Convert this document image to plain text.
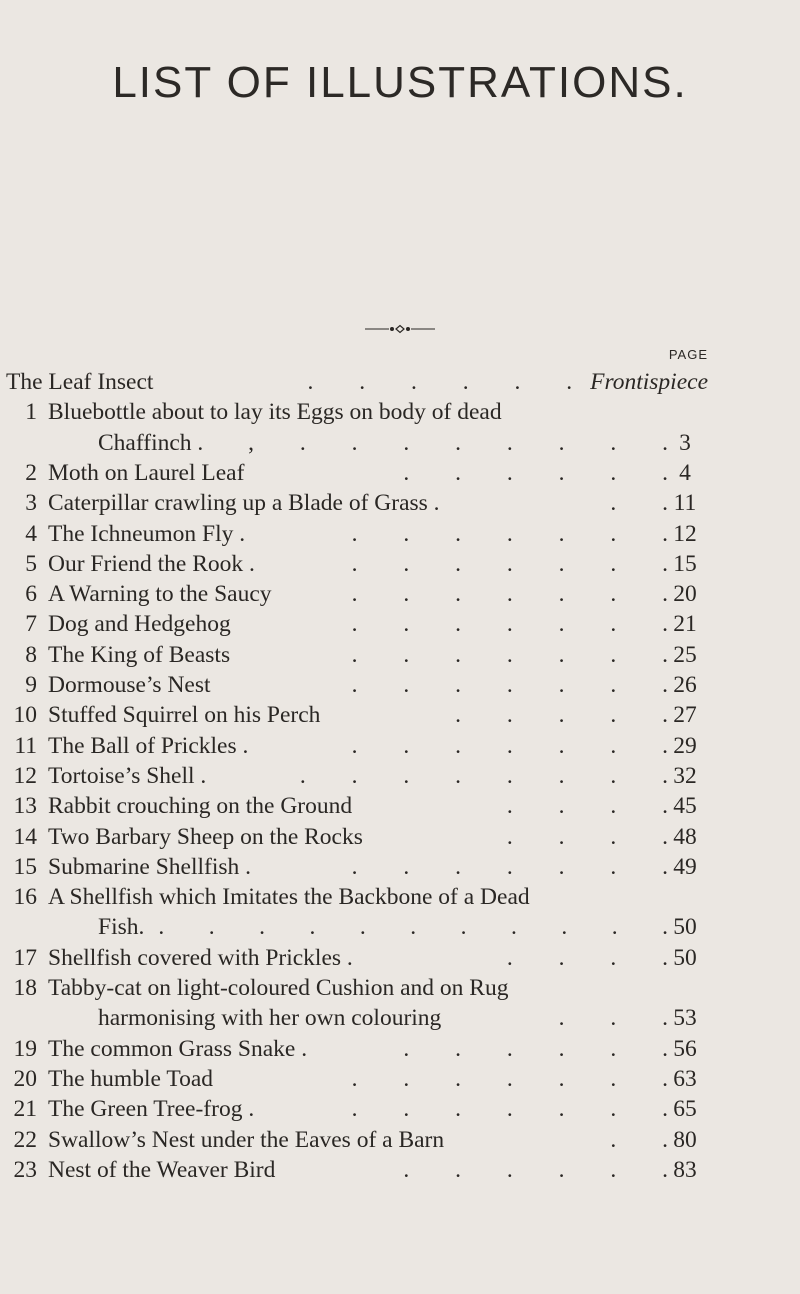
LIST OF ILLUSTRATIONS.
PAGE
The Leaf Insect	Frontispiece
. . . . . .
1 Bluebottle about to lay its Eggs on body of dead
Chaffinch .	3
, . . . . . . . .
2 Moth on Laurel Leaf	4
. . . . . .
3 Caterpillar crawling up a Blade of Grass .	11
. .
4 The Ichneumon Fly .	12
. . . . . . .
5 Our Friend the Rook .	15
. . . . . . .
6 A Warning to the Saucy	20
. . . . . . .
7 Dog and Hedgehog	21
. . . . . . .
8 The King of Beasts	25
. . . . . . .
9 Dormouse’s Nest	26
. . . . . . .
10 Stuffed Squirrel on his Perch	27
. . . . .
11 The Ball of Prickles .	29
. . . . . . .
12 Tortoise’s Shell .	32
. . . . . . . .
13 Rabbit crouching on the Ground	45
. . . .
14 Two Barbary Sheep on the Rocks	48
. . . .
15 Submarine Shellfish .	49
. . . . . . .
16 A Shellfish which Imitates the Backbone of a Dead
Fish.	50
. . . . . . . . . . .
17 Shellfish covered with Prickles .	50
. . . .
18 Tabby-cat on light-coloured Cushion and on Rug
harmonising with her own colouring	53
. . .
19 The common Grass Snake .	56
. . . . . .
20 The humble Toad	63
. . . . . . .
21 The Green Tree-frog .	65
. . . . . . .
22 Swallow’s Nest under the Eaves of a Barn	80
. .
23 Nest of the Weaver Bird	83
. . . . . .
